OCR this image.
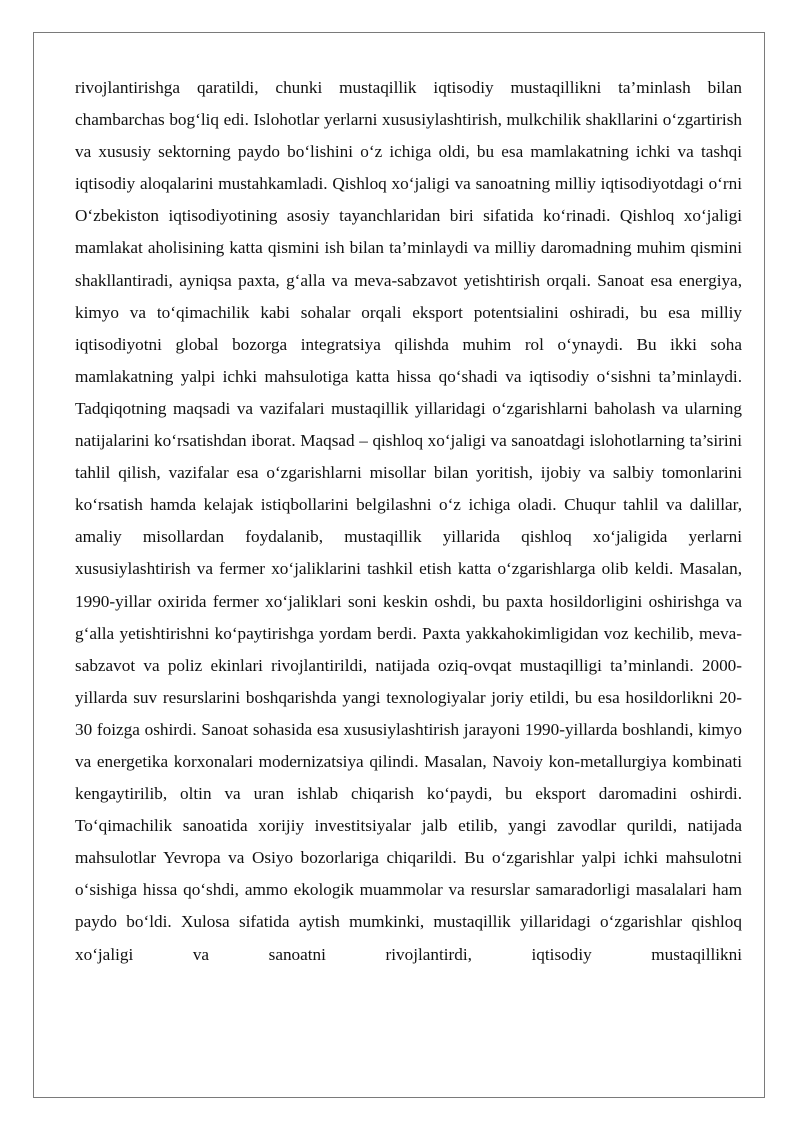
rivojlantirishga qaratildi, chunki mustaqillik iqtisodiy mustaqillikni ta’minlash bilan chambarchas bog‘liq edi. Islohotlar yerlarni xususiylashtirish, mulkchilik shakllarini o‘zgartirish va xususiy sektorning paydo bo‘lishini o‘z ichiga oldi, bu esa mamlakatning ichki va tashqi iqtisodiy aloqalarini mustahkamladi. Qishloq xo‘jaligi va sanoatning milliy iqtisodiyotdagi o‘rni O‘zbekiston iqtisodiyotining asosiy tayanchlaridan biri sifatida ko‘rinadi. Qishloq xo‘jaligi mamlakat aholisining katta qismini ish bilan ta’minlaydi va milliy daromadning muhim qismini shakllantiradi, ayniqsa paxta, g‘alla va meva-sabzavot yetishtirish orqali. Sanoat esa energiya, kimyo va to‘qimachilik kabi sohalar orqali eksport potentsialini oshiradi, bu esa milliy iqtisodiyotni global bozorga integratsiya qilishda muhim rol o‘ynaydi. Bu ikki soha mamlakatning yalpi ichki mahsulotiga katta hissa qo‘shadi va iqtisodiy o‘sishni ta’minlaydi. Tadqiqotning maqsadi va vazifalari mustaqillik yillaridagi o‘zgarishlarni baholash va ularning natijalarini ko‘rsatishdan iborat. Maqsad – qishloq xo‘jaligi va sanoatdagi islohotlarning ta’sirini tahlil qilish, vazifalar esa o‘zgarishlarni misollar bilan yoritish, ijobiy va salbiy tomonlarini ko‘rsatish hamda kelajak istiqbollarini belgilashni o‘z ichiga oladi. Chuqur tahlil va dalillar, amaliy misollardan foydalanib, mustaqillik yillarida qishloq xo‘jaligida yerlarni xususiylashtirish va fermer xo‘jaliklarini tashkil etish katta o‘zgarishlarga olib keldi. Masalan, 1990-yillar oxirida fermer xo‘jaliklari soni keskin oshdi, bu paxta hosildorligini oshirishga va g‘alla yetishtirishni ko‘paytirishga yordam berdi. Paxta yakkahokimligidan voz kechilib, meva-sabzavot va poliz ekinlari rivojlantirildi, natijada oziq-ovqat mustaqilligi ta’minlandi. 2000-yillarda suv resurslarini boshqarishda yangi texnologiyalar joriy etildi, bu esa hosildorlikni 20-30 foizga oshirdi. Sanoat sohasida esa xususiylashtirish jarayoni 1990-yillarda boshlandi, kimyo va energetika korxonalari modernizatsiya qilindi. Masalan, Navoiy kon-metallurgiya kombinati kengaytirilib, oltin va uran ishlab chiqarish ko‘paydi, bu eksport daromadini oshirdi. To‘qimachilik sanoatida xorijiy investitsiyalar jalb etilib, yangi zavodlar qurildi, natijada mahsulotlar Yevropa va Osiyo bozorlariga chiqarildi. Bu o‘zgarishlar yalpi ichki mahsulotni o‘sishiga hissa qo‘shdi, ammo ekologik muammolar va resurslar samaradorligi masalalari ham paydo bo‘ldi. Xulosa sifatida aytish mumkinki, mustaqillik yillaridagi o‘zgarishlar qishloq xo‘jaligi va sanoatni rivojlantirdi, iqtisodiy mustaqillikni
